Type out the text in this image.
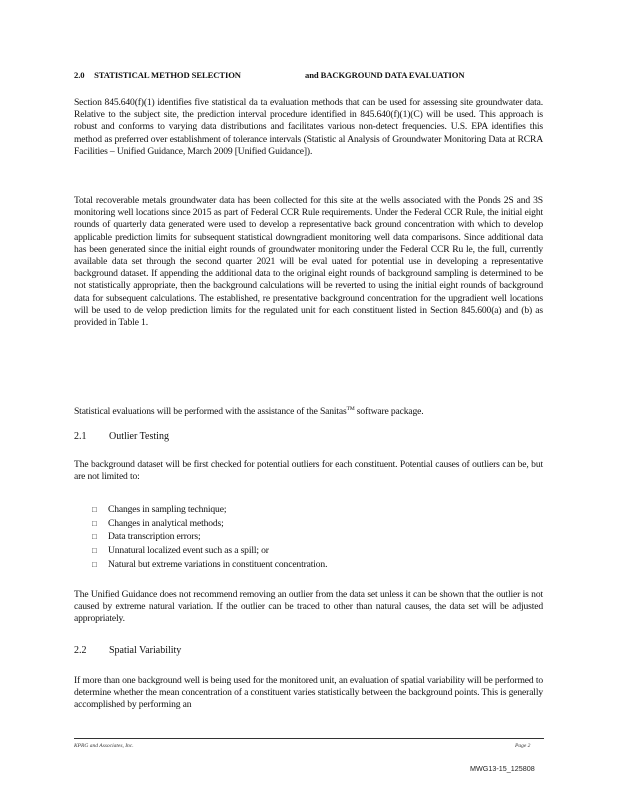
2.0 STATISTICAL METHOD SELECTION	and BACKGROUND DATA EVALUATION

Section 845.640(f)(1) identifies five statistical da ta evaluation methods that can be used for assessing site groundwater data. Relative to the subject site, the prediction interval procedure identified in 845.640(f)(1)(C) will be used. This approach is robust and conforms to varying data distributions and facilitates various non-detect frequencies. U.S. EPA identifies this method as preferred over establishment of tolerance intervals (Statistic al Analysis of Groundwater Monitoring Data at RCRA Facilities – Unified Guidance, March 2009 [Unified Guidance]).

Total recoverable metals groundwater data has been collected for this site at the wells associated with the Ponds 2S and 3S monitoring well locations since 2015 as part of Federal CCR Rule requirements. Under the Federal CCR Rule, the initial eight rounds of quarterly data generated were used to develop a representative back ground concentration with which to develop applicable prediction limits for subsequent statistical downgradient monitoring well data comparisons. Since additional data has been generated since the initial eight rounds of groundwater monitoring under the Federal CCR Ru le, the full, currently available data set through the second quarter 2021 will be eval uated for potential use in developing a representative background dataset. If appending the additional data to the original eight rounds of background sampling is determined to be not statistically appropriate, then the background calculations will be reverted to using the initial eight rounds of background data for subsequent calculations. The established, re presentative background concentration for the upgradient well locations will be used to de velop prediction limits for the regulated unit for each constituent listed in Section 845.600(a) and (b) as provided in Table 1.

Statistical evaluations will be performed with the assistance of the Sanitas™ software package.

2.1 Outlier Testing

The background dataset will be first checked for potential outliers for each constituent. Potential causes of outliers can be, but are not limited to:

□ Changes in sampling technique;
□ Changes in analytical methods;
□ Data transcription errors;
□ Unnatural localized event such as a spill; or
□ Natural but extreme variations in constituent concentration.

The Unified Guidance does not recommend removing an outlier from the data set unless it can be shown that the outlier is not caused by extreme natural variation. If the outlier can be traced to other than natural causes, the data set will be adjusted appropriately.

2.2 Spatial Variability

If more than one background well is being used for the monitored unit, an evaluation of spatial variability will be performed to determine whether the mean concentration of a constituent varies statistically between the background points. This is generally accomplished by performing an

KPRG and Associates, Inc.	Page 2
MWG13-15_125808
